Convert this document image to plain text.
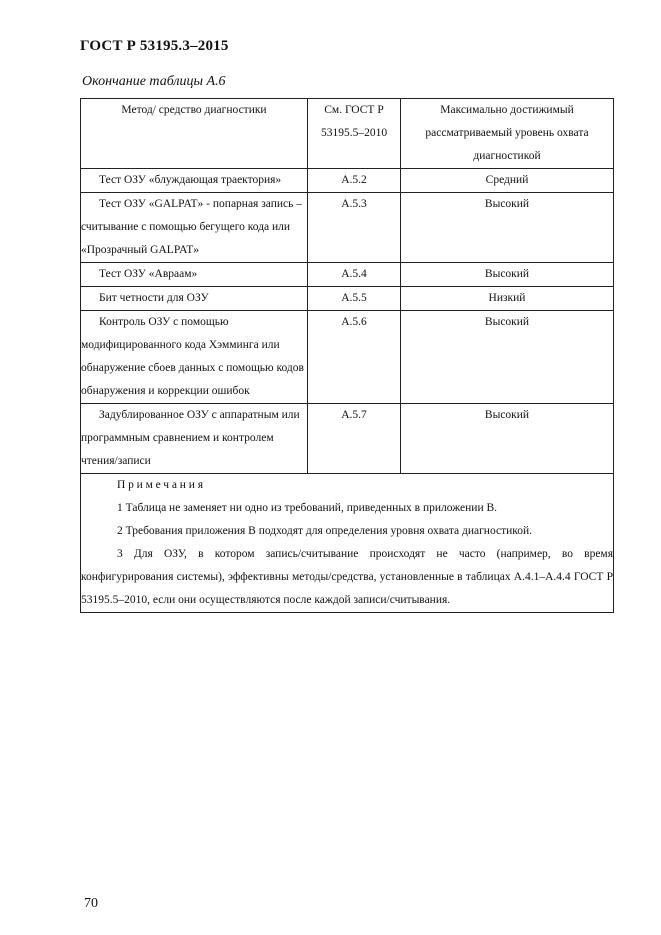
ГОСТ Р 53195.3–2015
Окончание таблицы А.6
Метод/ средство диагностики	См. ГОСТ Р 53195.5–2010	Максимально достижимый рассматриваемый уровень охвата диагностикой
Тест ОЗУ «блуждающая траектория»	А.5.2	Средний
Тест ОЗУ «GALPAT» - попарная запись – считывание с помощью бегущего кода или «Прозрачный GALPAT»	А.5.3	Высокий
Тест ОЗУ «Авраам»	А.5.4	Высокий
Бит четности для ОЗУ	А.5.5	Низкий
Контроль ОЗУ с помощью модифицированного кода Хэмминга или обнаружение сбоев данных с помощью кодов обнаружения и коррекции ошибок	А.5.6	Высокий
Задублированное ОЗУ с аппаратным или программным сравнением и контролем чтения/записи	А.5.7	Высокий

Примечания

1 Таблица не заменяет ни одно из требований, приведенных в приложении В.

2 Требования приложения В подходят для определения уровня охвата диагностикой.

3 Для ОЗУ, в котором запись/считывание происходят не часто (например, во время конфигурирования системы), эффективны методы/средства, установленные в таблицах А.4.1–А.4.4 ГОСТ Р 53195.5–2010, если они осуществляются после каждой записи/считывания.		

70
